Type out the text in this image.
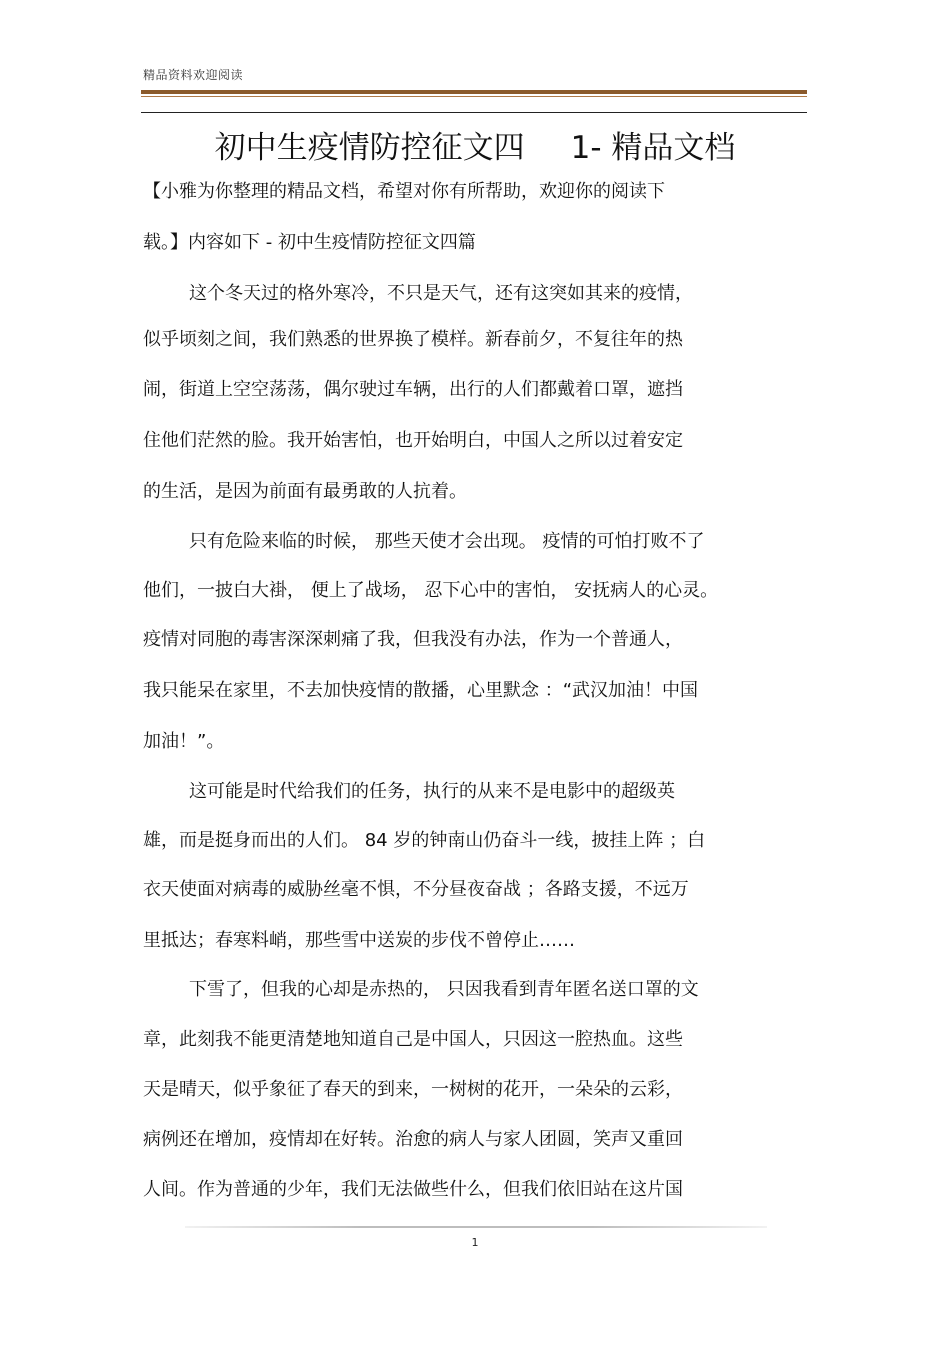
精品资料欢迎阅读
初中生疫情防控征文四 1- 精品文档
【小雅为你整理的精品文档，希望对你有所帮助，欢迎你的阅读下
载。】内容如下 - 初中生疫情防控征文四篇
这个冬天过的格外寒冷，不只是天气，还有这突如其来的疫情，
似乎顷刻之间，我们熟悉的世界换了模样。新春前夕，不复往年的热
闹，街道上空空荡荡，偶尔驶过车辆，出行的人们都戴着口罩，遮挡
住他们茫然的脸。我开始害怕，也开始明白，中国人之所以过着安定
的生活，是因为前面有最勇敢的人抗着。
只有危险来临的时候， 那些天使才会出现。 疫情的可怕打败不了
他们，一披白大褂， 便上了战场， 忍下心中的害怕， 安抚病人的心灵。
疫情对同胞的毒害深深刺痛了我，但我没有办法，作为一个普通人，
我只能呆在家里，不去加快疫情的散播，心里默念 ：“武汉加油！中国
加油！”。
这可能是时代给我们的任务，执行的从来不是电影中的超级英
雄，而是挺身而出的人们。 84 岁的钟南山仍奋斗一线，披挂上阵 ；白
衣天使面对病毒的威胁丝毫不惧，不分昼夜奋战 ；各路支援，不远万
里抵达；春寒料峭，那些雪中送炭的步伐不曾停止……
下雪了，但我的心却是赤热的， 只因我看到青年匿名送口罩的文
章，此刻我不能更清楚地知道自己是中国人，只因这一腔热血。这些
天是晴天，似乎象征了春天的到来，一树树的花开，一朵朵的云彩，
病例还在增加，疫情却在好转。治愈的病人与家人团圆，笑声又重回
人间。作为普通的少年，我们无法做些什么，但我们依旧站在这片国
1
